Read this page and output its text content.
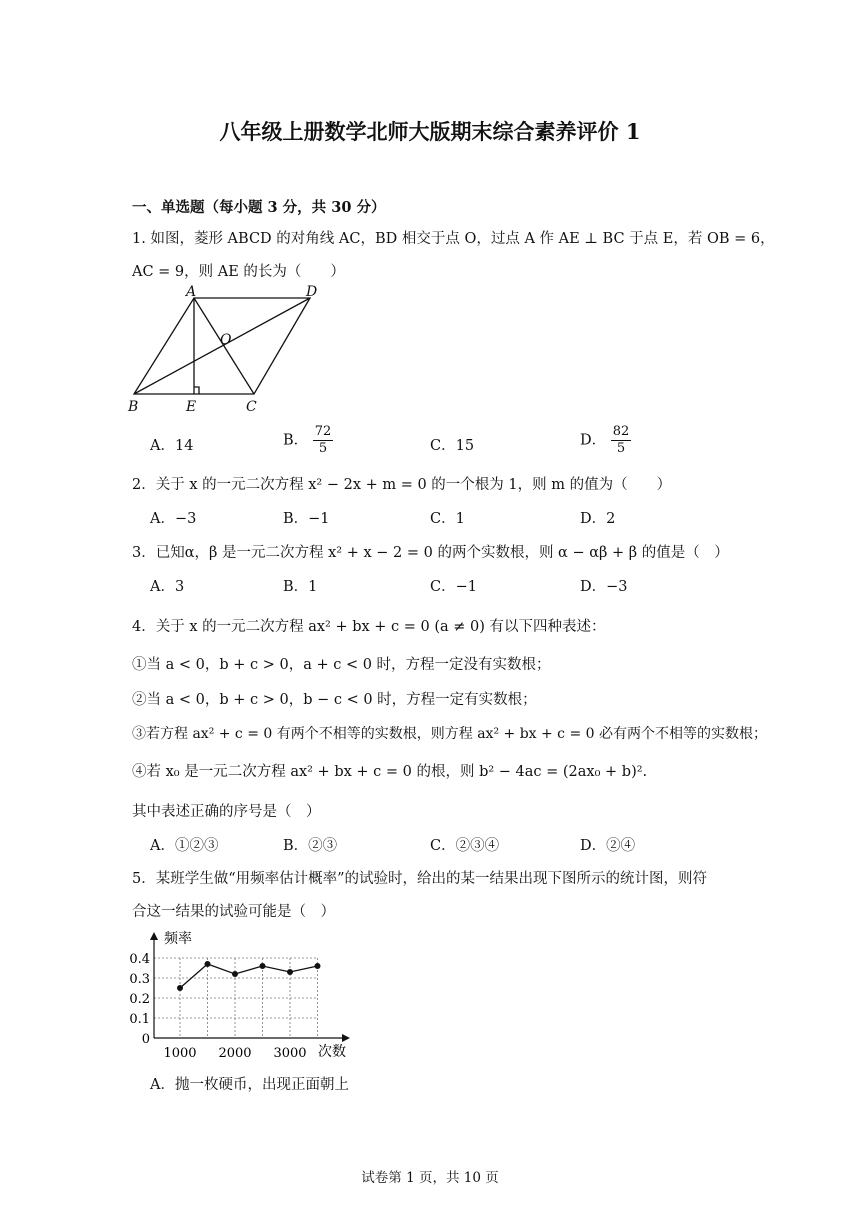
八年级上册数学北师大版期末综合素养评价 1
一、单选题（每小题 3 分，共 30 分）
1. 如图，菱形 ABCD 的对角线 AC，BD 相交于点 O，过点 A 作 AE ⊥ BC 于点 E，若 OB = 6，
AC = 9，则 AE 的长为（　　）
A	D
O
B	E	C
A．14	B． $\frac{72}{5}$	C．15	D． $\frac{82}{5}$
2．关于 x 的一元二次方程 x² − 2x + m = 0 的一个根为 1，则 m 的值为（　　）
A．−3	B．−1	C．1	D．2
3．已知α，β 是一元二次方程 x² + x − 2 = 0 的两个实数根，则 α − αβ + β 的值是（　）
A．3	B．1	C．−1	D．−3
4．关于 x 的一元二次方程 ax² + bx + c = 0 (a ≠ 0) 有以下四种表述：
①当 a < 0，b + c > 0，a + c < 0 时，方程一定没有实数根；
②当 a < 0，b + c > 0，b − c < 0 时，方程一定有实数根；
③若方程 ax² + c = 0 有两个不相等的实数根，则方程 ax² + bx + c = 0 必有两个不相等的实数根；
④若 x₀ 是一元二次方程 ax² + bx + c = 0 的根，则 b² − 4ac = (2ax₀ + b)².
其中表述正确的序号是（　）
A．①②③	B．②③	C．②③④	D．②④
5．某班学生做“用频率估计概率”的试验时，给出的某一结果出现下图所示的统计图，则符
合这一结果的试验可能是（　）
0
0.1
0.2
0.3
0.4
1000 2000 3000
频率
次数
A．抛一枚硬币，出现正面朝上
试卷第 1 页，共 10 页
